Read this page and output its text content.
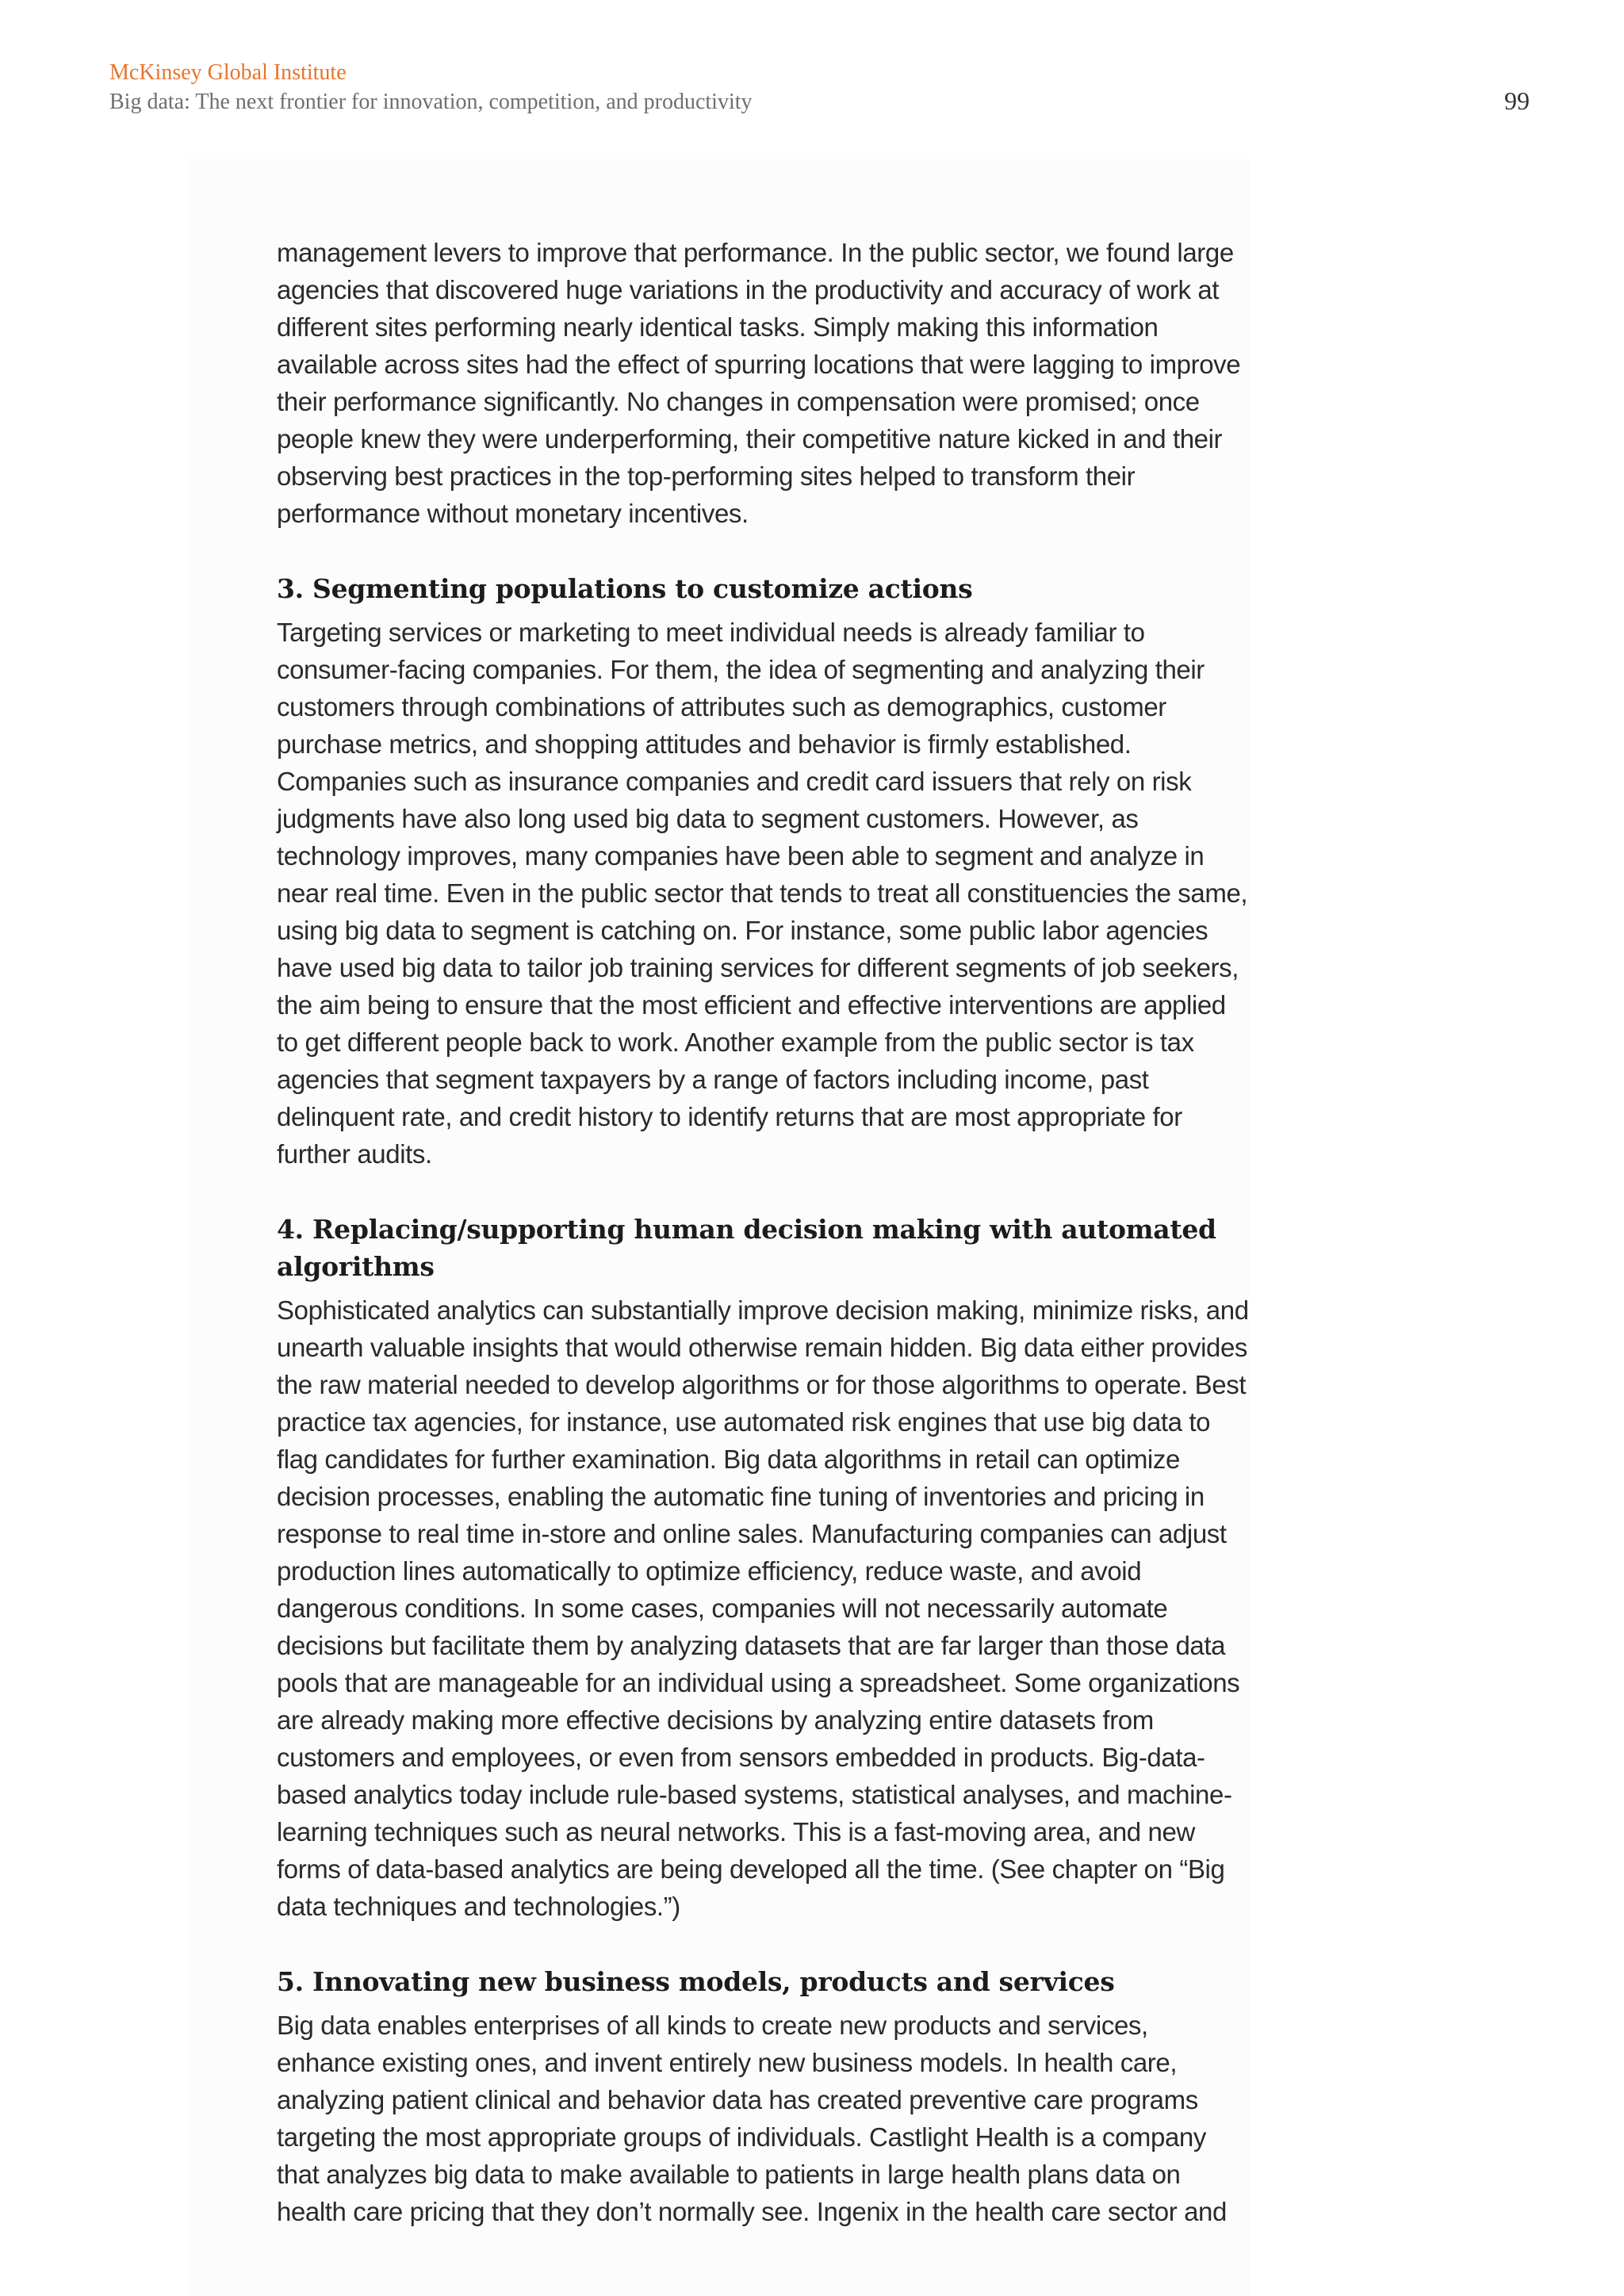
McKinsey Global Institute
Big data: The next frontier for innovation, competition, and productivity	99

management levers to improve that performance. In the public sector, we found large agencies that discovered huge variations in the productivity and accuracy of work at different sites performing nearly identical tasks. Simply making this information available across sites had the effect of spurring locations that were lagging to improve their performance significantly. No changes in compensation were promised; once people knew they were underperforming, their competitive nature kicked in and their observing best practices in the top-performing sites helped to transform their performance without monetary incentives.

3. Segmenting populations to customize actions

Targeting services or marketing to meet individual needs is already familiar to consumer-facing companies. For them, the idea of segmenting and analyzing their customers through combinations of attributes such as demographics, customer purchase metrics, and shopping attitudes and behavior is firmly established. Companies such as insurance companies and credit card issuers that rely on risk judgments have also long used big data to segment customers. However, as technology improves, many companies have been able to segment and analyze in near real time. Even in the public sector that tends to treat all constituencies the same, using big data to segment is catching on. For instance, some public labor agencies have used big data to tailor job training services for different segments of job seekers, the aim being to ensure that the most efficient and effective interventions are applied to get different people back to work. Another example from the public sector is tax agencies that segment taxpayers by a range of factors including income, past delinquent rate, and credit history to identify returns that are most appropriate for further audits.

4. Replacing/supporting human decision making with automated algorithms

Sophisticated analytics can substantially improve decision making, minimize risks, and unearth valuable insights that would otherwise remain hidden. Big data either provides the raw material needed to develop algorithms or for those algorithms to operate. Best practice tax agencies, for instance, use automated risk engines that use big data to flag candidates for further examination. Big data algorithms in retail can optimize decision processes, enabling the automatic fine tuning of inventories and pricing in response to real time in-store and online sales. Manufacturing companies can adjust production lines automatically to optimize efficiency, reduce waste, and avoid dangerous conditions. In some cases, companies will not necessarily automate decisions but facilitate them by analyzing datasets that are far larger than those data pools that are manageable for an individual using a spreadsheet. Some organizations are already making more effective decisions by analyzing entire datasets from customers and employees, or even from sensors embedded in products. Big-data-based analytics today include rule-based systems, statistical analyses, and machine-learning techniques such as neural networks. This is a fast-moving area, and new forms of data-based analytics are being developed all the time. (See chapter on “Big data techniques and technologies.”)

5. Innovating new business models, products and services

Big data enables enterprises of all kinds to create new products and services, enhance existing ones, and invent entirely new business models. In health care, analyzing patient clinical and behavior data has created preventive care programs targeting the most appropriate groups of individuals. Castlight Health is a company that analyzes big data to make available to patients in large health plans data on health care pricing that they don’t normally see. Ingenix in the health care sector and
